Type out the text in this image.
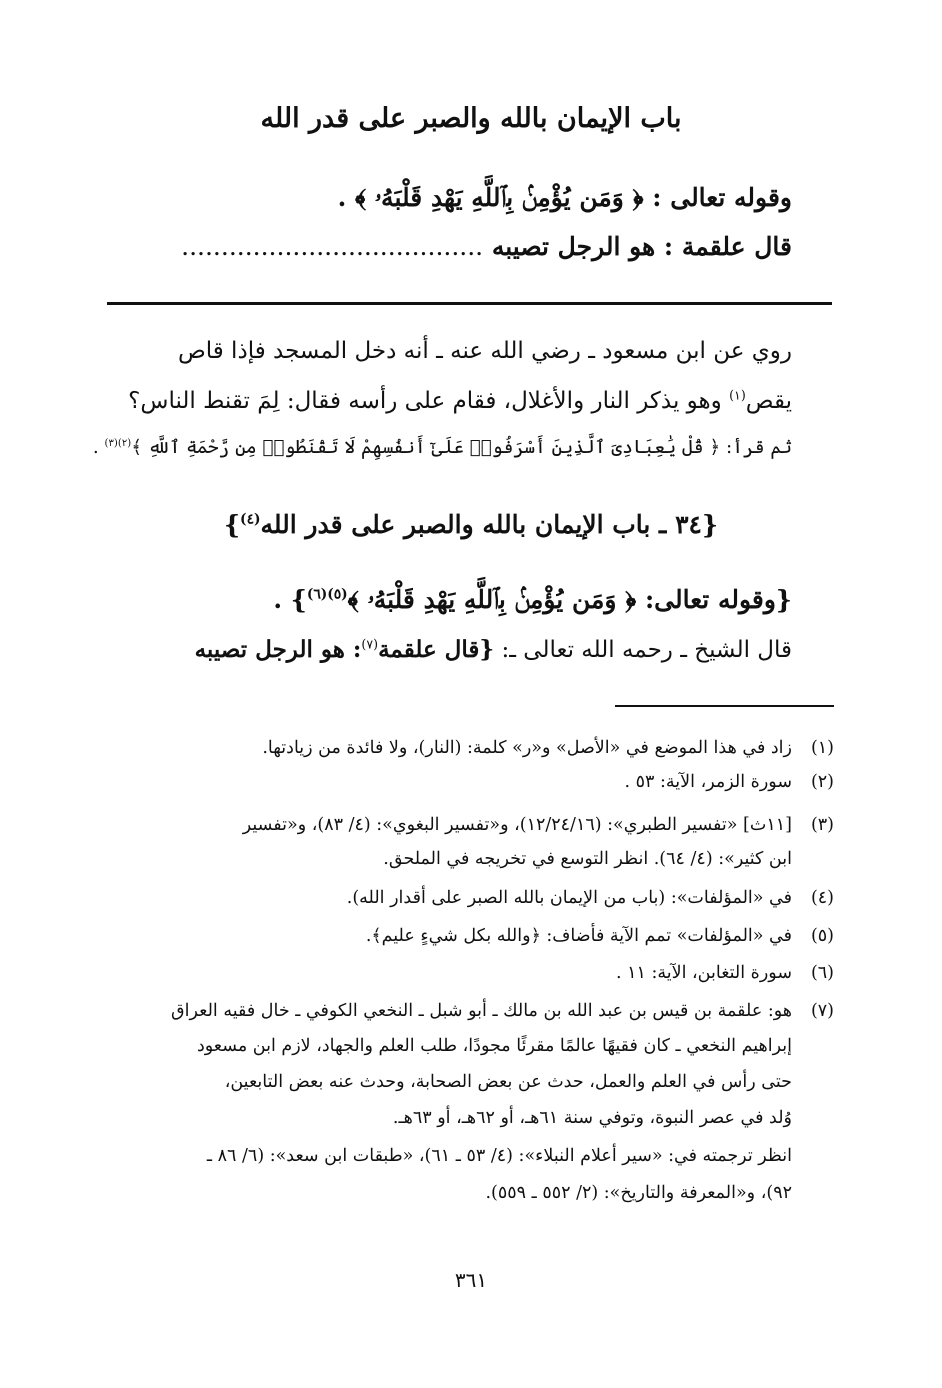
باب الإيمان بالله والصبر على قدر الله
وقوله تعالى : ﴿ وَمَن يُؤْمِنۢ بِٱللَّهِ يَهْدِ قَلْبَهُۥ ﴾ .
قال علقمة : هو الرجل تصيبه ......................................
روي عن ابن مسعود ـ رضي الله عنه ـ أنه دخل المسجد فإذا قاص
يقص$^{(١)}$ وهو يذكر النار والأغلال، فقام على رأسه فقال: لِمَ تقنط الناس؟
ثم قرأ: ﴿ قُلْ يَٰعِبَادِىَ ٱلَّذِينَ أَسْرَفُوا۟ عَلَىٰٓ أَنفُسِهِمْ لَا تَقْنَطُوا۟ مِن رَّحْمَةِ ٱللَّهِ ﴾$^{(٢)(٣)}$ .
{٣٤ ـ باب الإيمان بالله والصبر على قدر الله$^{(٤)}$}
{وقوله تعالى: ﴿ وَمَن يُؤْمِنۢ بِٱللَّهِ يَهْدِ قَلْبَهُۥ ﴾$^{(٥)(٦)}$} .
قال الشيخ ـ رحمه الله تعالى ـ: {قال علقمة$^{(٧)}$: هو الرجل تصيبه
(١)
زاد في هذا الموضع في «الأصل» و«ر» كلمة: (النار)، ولا فائدة من زيادتها.
(٢)
سورة الزمر، الآية: ٥٣ .
(٣)
[١١ث] «تفسير الطبري»: (١٢/٢٤/١٦)، و«تفسير البغوي»: (٤/ ٨٣)، و«تفسير
ابن كثير»: (٤/ ٦٤). انظر التوسع في تخريجه في الملحق.
(٤)
في «المؤلفات»: (باب من الإيمان بالله الصبر على أقدار الله).
(٥)
في «المؤلفات» تمم الآية فأضاف: ﴿والله بكل شيءٍ عليم﴾.
(٦)
سورة التغابن، الآية: ١١ .
(٧)
هو: علقمة بن قيس بن عبد الله بن مالك ـ أبو شبل ـ النخعي الكوفي ـ خال فقيه العراق
إبراهيم النخعي ـ كان فقيهًا عالمًا مقرئًا مجودًا، طلب العلم والجهاد، لازم ابن مسعود
حتى رأس في العلم والعمل، حدث عن بعض الصحابة، وحدث عنه بعض التابعين،
وُلد في عصر النبوة، وتوفي سنة ٦١هـ، أو ٦٢هـ، أو ٦٣هـ.
انظر ترجمته في: «سير أعلام النبلاء»: (٤/ ٥٣ ـ ٦١)، «طبقات ابن سعد»: (٦/ ٨٦ ـ
٩٢)، و«المعرفة والتاريخ»: (٢/ ٥٥٢ ـ ٥٥٩).
٣٦١
